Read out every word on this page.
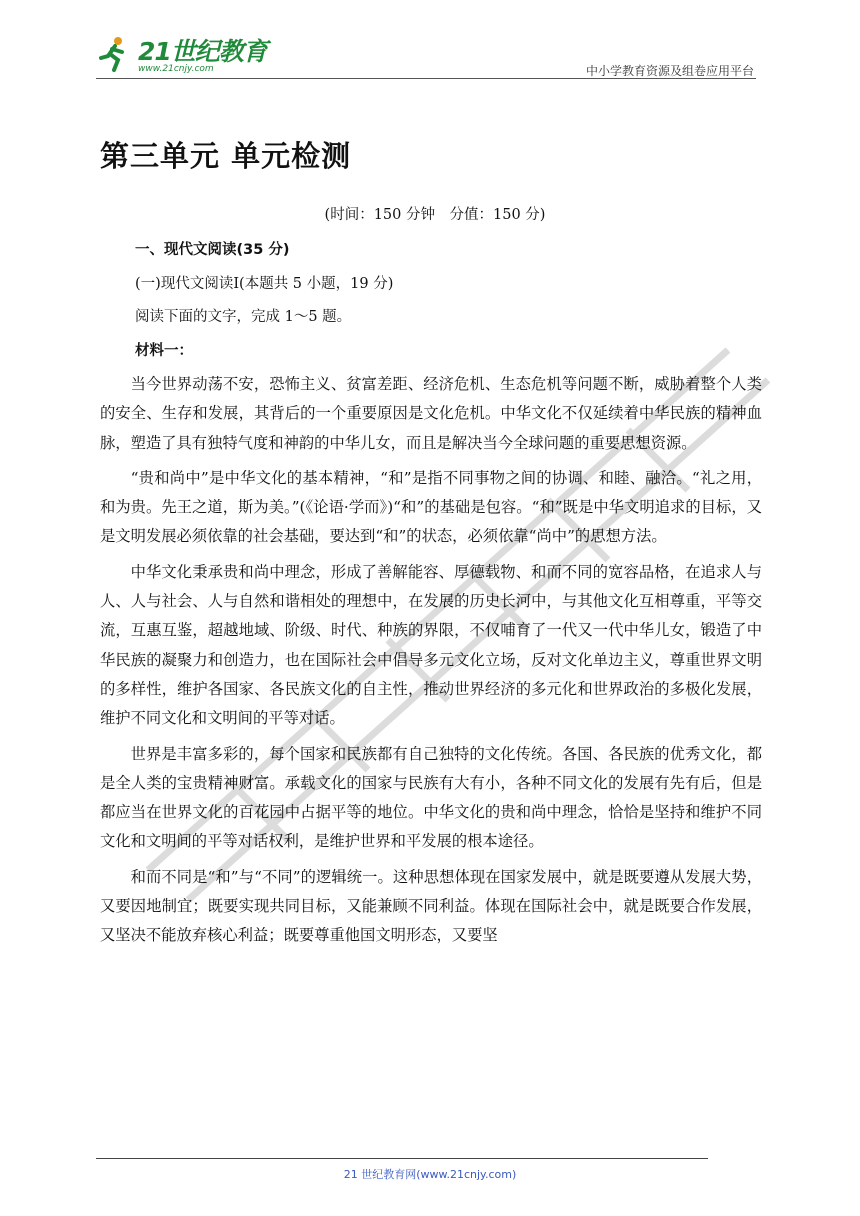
21世纪教育
www.21cnjy.com	中小学教育资源及组卷应用平台
第三单元 单元检测
(时间：150 分钟　分值：150 分)
一、现代文阅读(35 分)
(一)现代文阅读Ⅰ(本题共 5 小题，19 分)
阅读下面的文字，完成 1～5 题。
材料一：

当今世界动荡不安，恐怖主义、贫富差距、经济危机、生态危机等问题不断，威胁着整个人类的安全、生存和发展，其背后的一个重要原因是文化危机。中华文化不仅延续着中华民族的精神血脉，塑造了具有独特气度和神韵的中华儿女，而且是解决当今全球问题的重要思想资源。

“贵和尚中”是中华文化的基本精神，“和”是指不同事物之间的协调、和睦、融洽。“礼之用，和为贵。先王之道，斯为美。”(《论语·学而》)“和”的基础是包容。“和”既是中华文明追求的目标，又是文明发展必须依靠的社会基础，要达到“和”的状态，必须依靠“尚中”的思想方法。

中华文化秉承贵和尚中理念，形成了善解能容、厚德载物、和而不同的宽容品格，在追求人与人、人与社会、人与自然和谐相处的理想中，在发展的历史长河中，与其他文化互相尊重，平等交流，互惠互鉴，超越地域、阶级、时代、种族的界限，不仅哺育了一代又一代中华儿女，锻造了中华民族的凝聚力和创造力，也在国际社会中倡导多元文化立场，反对文化单边主义，尊重世界文明的多样性，维护各国家、各民族文化的自主性，推动世界经济的多元化和世界政治的多极化发展，维护不同文化和文明间的平等对话。

世界是丰富多彩的，每个国家和民族都有自己独特的文化传统。各国、各民族的优秀文化，都是全人类的宝贵精神财富。承载文化的国家与民族有大有小，各种不同文化的发展有先有后，但是都应当在世界文化的百花园中占据平等的地位。中华文化的贵和尚中理念，恰恰是坚持和维护不同文化和文明间的平等对话权利，是维护世界和平发展的根本途径。

和而不同是“和”与“不同”的逻辑统一。这种思想体现在国家发展中，就是既要遵从发展大势，又要因地制宜；既要实现共同目标，又能兼顾不同利益。体现在国际社会中，就是既要合作发展，又坚决不能放弃核心利益；既要尊重他国文明形态，又要坚

21 世纪教育网(www.21cnjy.com)
